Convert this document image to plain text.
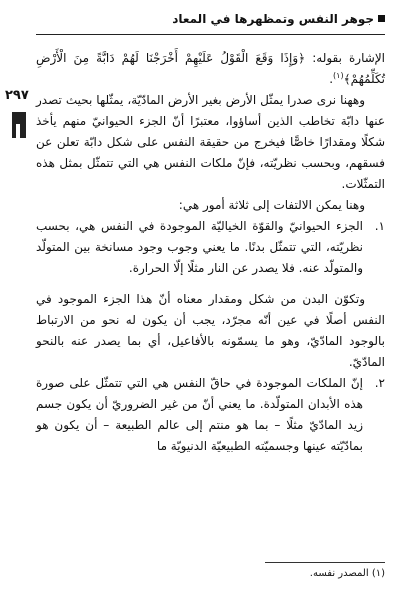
جوهر النفس وتمظهرها في المعاد
٢٩٧

الإشارة بقوله: ﴿وَإِذَا وَقَعَ الْقَوْلُ عَلَيْهِمْ أَخْرَجْنَا لَهُمْ دَابَّةً مِنَ الْأَرْضِ تُكَلِّمُهُمْ﴾$^{(١)}$.

وههنا نرى صدرا يمثّل الأرض بغير الأرض المادّيّة، يمثّلها بحيث تصدر عنها دابّة تخاطب الذين أساؤوا، معتبرًا أنّ الجزء الحيوانيّ منهم يأخذ شكلًا ومقدارًا خاصًّا فيخرج من حقيقة النفس على شكل دابّة تعلن عن فسقهم، وبحسب نظريّته، فإنّ ملكات النفس هي التي تتمثّل بمثل هذه التمثّلات.

وهنا يمكن الالتفات إلى ثلاثة أمور هي:

١.
الجزء الحيوانيّ والقوّة الخياليّة الموجودة في النفس هي، بحسب نظريّته، التي تتمثّل بدنًا. ما يعني وجوب وجود مسانخة بين المتولّد والمتولّد عنه. فلا يصدر عن النار مثلًا إلّا الحرارة.

وتكوّن البدن من شكل ومقدار معناه أنّ هذا الجزء الموجود في النفس أصلًا في عين أنّه مجرّد، يجب أن يكون له نحو من الارتباط بالوجود المادّيّ، وهو ما يسمّونه بالأفاعيل، أي بما يصدر عنه بالنحو المادّيّ.

٢.
إنّ الملكات الموجودة في حاقّ النفس هي التي تتمثّل على صورة هذه الأبدان المتولّدة. ما يعني أنّ من غير الضروريّ أن يكون جسم زيد المادّيّ مثلًا – بما هو منتم إلى عالم الطبيعة – أن يكون هو بمادّيّته عينها وجسميّته الطبيعيّة الدنيويّة ما
(١) المصدر نفسه.
